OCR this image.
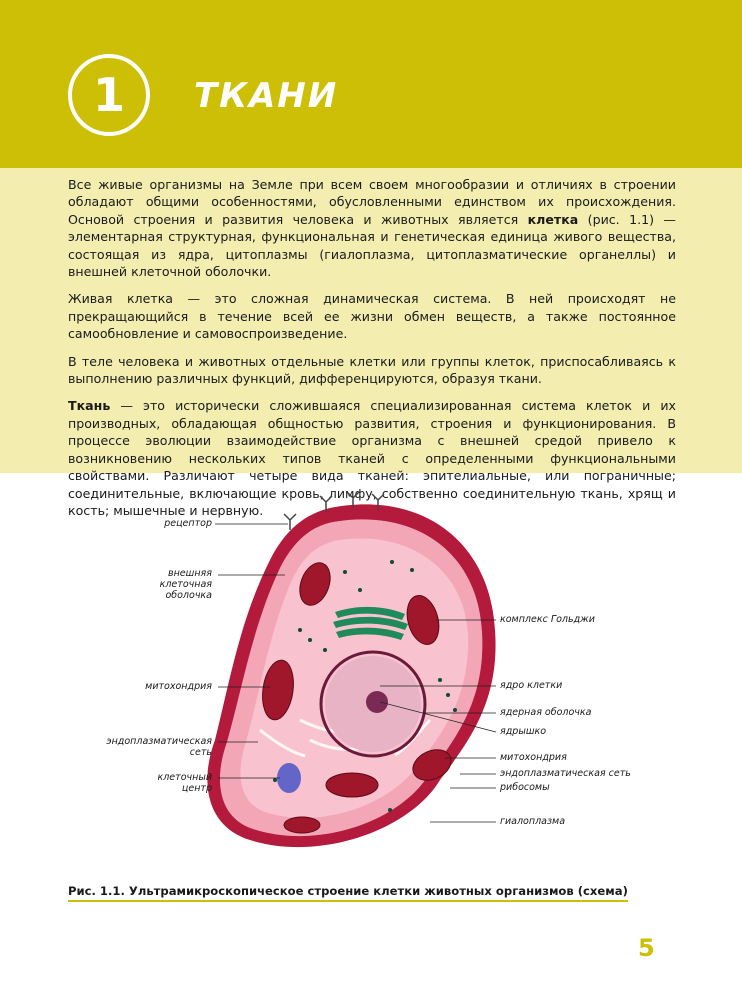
1 ТКАНИ

Все живые организмы на Земле при всем своем многообразии и отличиях в строении обладают общими особенностями, обусловленными единством их происхождения. Основой строения и развития человека и животных является клетка (рис. 1.1) — элементарная структурная, функциональная и генетическая единица живого вещества, состоящая из ядра, цитоплазмы (гиалоплазма, цитоплазматические органеллы) и внешней клеточной оболочки.

Живая клетка — это сложная динамическая система. В ней происходят не прекращающийся в течение всей ее жизни обмен веществ, а также постоянное самообновление и самовоспроизведение.

В теле человека и животных отдельные клетки или группы клеток, приспосабливаясь к выполнению различных функций, дифференцируются, образуя ткани.

Ткань — это исторически сложившаяся специализированная система клеток и их производных, обладающая общностью развития, строения и функционирования. В процессе эволюции взаимодействие организма с внешней средой привело к возникновению нескольких типов тканей с определенными функциональными свойствами. Различают четыре вида тканей: эпителиальные, или пограничные; соединительные, включающие кровь, лимфу, собственно соединительную ткань, хрящ и кость; мышечные и нервную.

рецептор
внешняя
клеточная
оболочка
митохондрия
эндоплазматическая
сеть
клеточный
центр
комплекс Гольджи
ядро клетки
ядерная оболочка
ядрышко
митохондрия
эндоплазматическая сеть
рибосомы
гиалоплазма
Рис. 1.1. Ультрамикроскопическое строение клетки животных организмов (схема)
5
